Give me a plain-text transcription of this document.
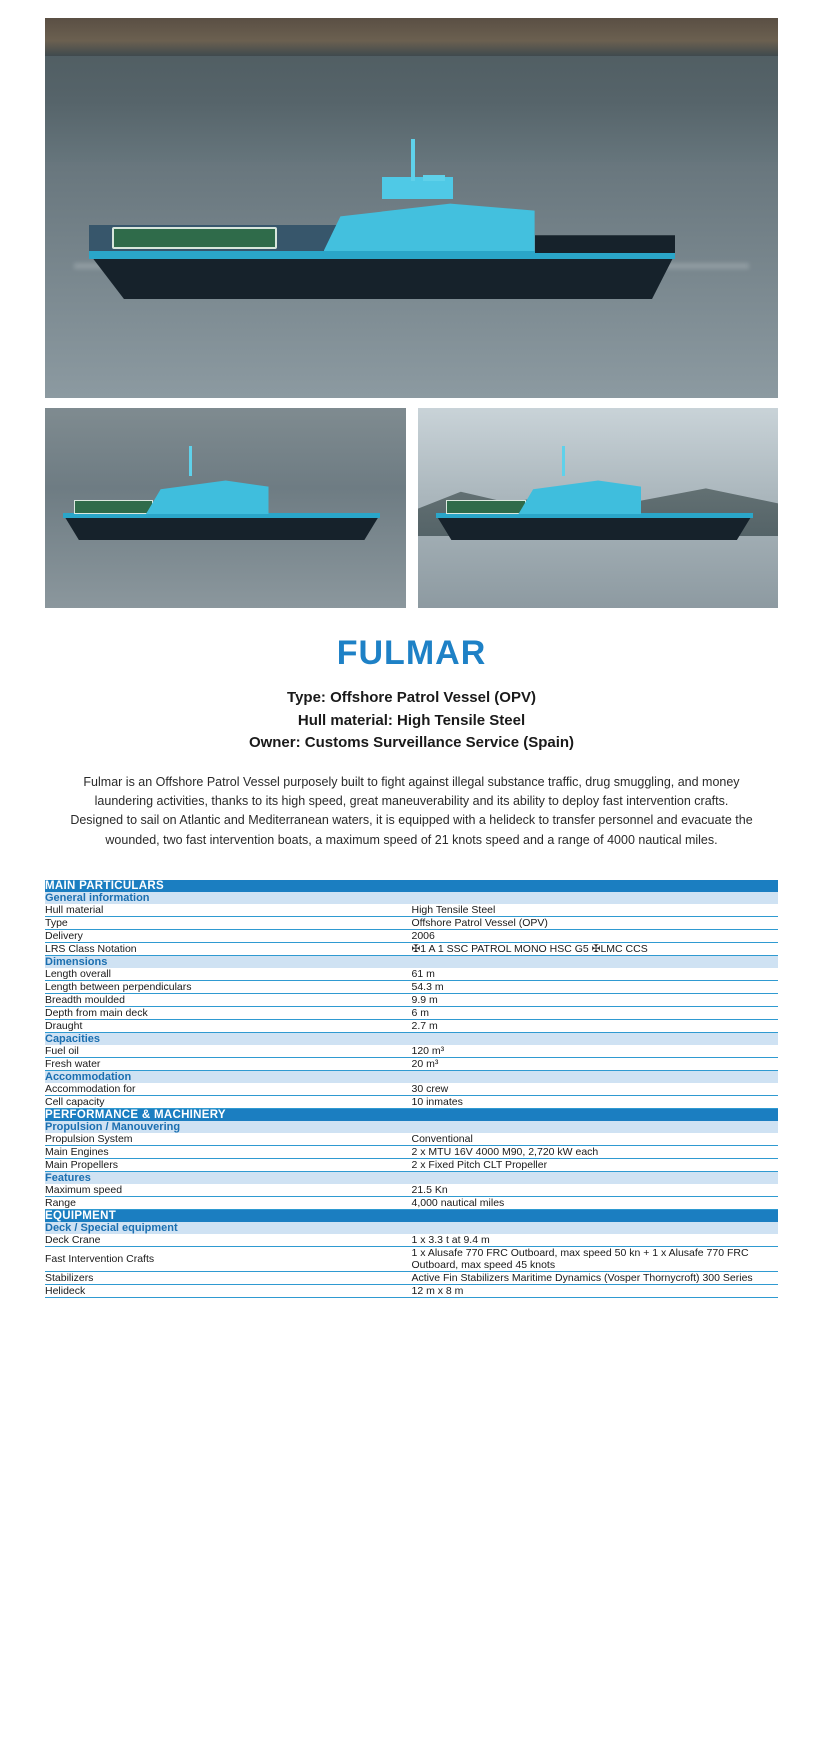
FULMAR
Type: Offshore Patrol Vessel (OPV)
Hull material: High Tensile Steel
Owner: Customs Surveillance Service (Spain)
Fulmar is an Offshore Patrol Vessel purposely built to fight against illegal substance traffic, drug smuggling, and money laundering activities, thanks to its high speed, great maneuverability and its ability to deploy fast intervention crafts. Designed to sail on Atlantic and Mediterranean waters, it is equipped with a helideck to transfer personnel and evacuate the wounded, two fast intervention boats, a maximum speed of 21 knots speed and a range of 4000 nautical miles.
MAIN PARTICULARS	
General information	
Hull material	High Tensile Steel
Type	Offshore Patrol Vessel (OPV)
Delivery	2006
LRS Class Notation	✠1 A 1 SSC PATROL MONO HSC G5 ✠LMC CCS
Dimensions	
Length overall	61 m
Length between perpendiculars	54.3 m
Breadth moulded	9.9 m
Depth from main deck	6 m
Draught	2.7 m
Capacities	
Fuel oil	120 m³
Fresh water	20 m³
Accommodation	
Accommodation for	30 crew
Cell capacity	10 inmates
PERFORMANCE & MACHINERY	
Propulsion / Manouvering	
Propulsion System	Conventional
Main Engines	2 x MTU 16V 4000 M90, 2,720 kW each
Main Propellers	2 x Fixed Pitch CLT Propeller
Features	
Maximum speed	21.5 Kn
Range	4,000 nautical miles
EQUIPMENT	
Deck / Special equipment	
Deck Crane	1 x 3.3 t at 9.4 m
Fast Intervention Crafts	1 x Alusafe 770 FRC Outboard, max speed 50 kn + 1 x Alusafe 770 FRC Outboard, max speed 45 knots
Stabilizers	Active Fin Stabilizers Maritime Dynamics (Vosper Thornycroft) 300 Series
Helideck	12 m x 8 m
